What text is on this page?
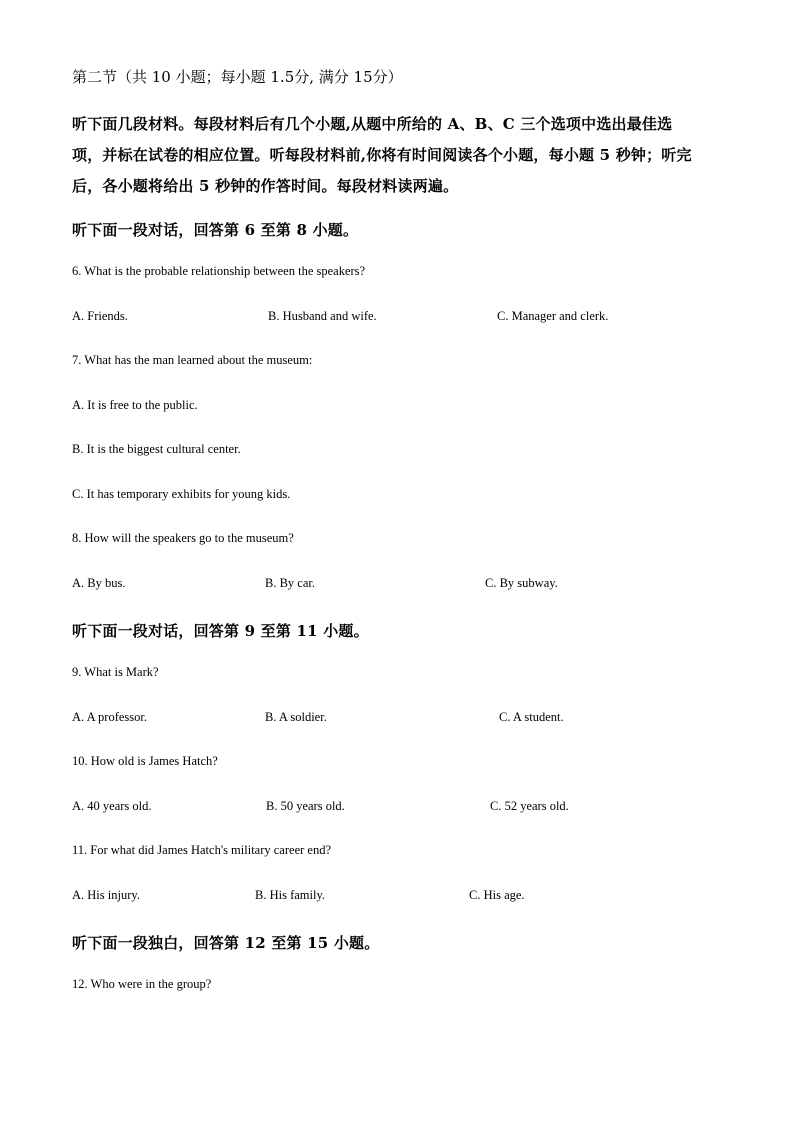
第二节（共 10 小题；每小题 1.5分, 满分 15分）
听下面几段材料。每段材料后有几个小题,从题中所给的 A、B、C 三个选项中选出最佳选
项，并标在试卷的相应位置。听每段材料前,你将有时间阅读各个小题，每小题 5 秒钟；听完
后，各小题将给出 5 秒钟的作答时间。每段材料读两遍。
听下面一段对话，回答第 6 至第 8 小题。
6. What is the probable relationship between the speakers?
A. Friends.	B. Husband and wife.	C. Manager and clerk.
7. What has the man learned about the museum:
A. It is free to the public.
B. It is the biggest cultural center.
C. It has temporary exhibits for young kids.
8. How will the speakers go to the museum?
A. By bus.	B. By car.	C. By subway.
听下面一段对话，回答第 9 至第 11 小题。
9. What is Mark?
A. A professor.	B. A soldier.	C. A student.
10. How old is James Hatch?
A. 40 years old.	B. 50 years old.	C. 52 years old.
11. For what did James Hatch's military career end?
A. His injury.	B. His family.	C. His age.
听下面一段独白，回答第 12 至第 15 小题。
12. Who were in the group?
